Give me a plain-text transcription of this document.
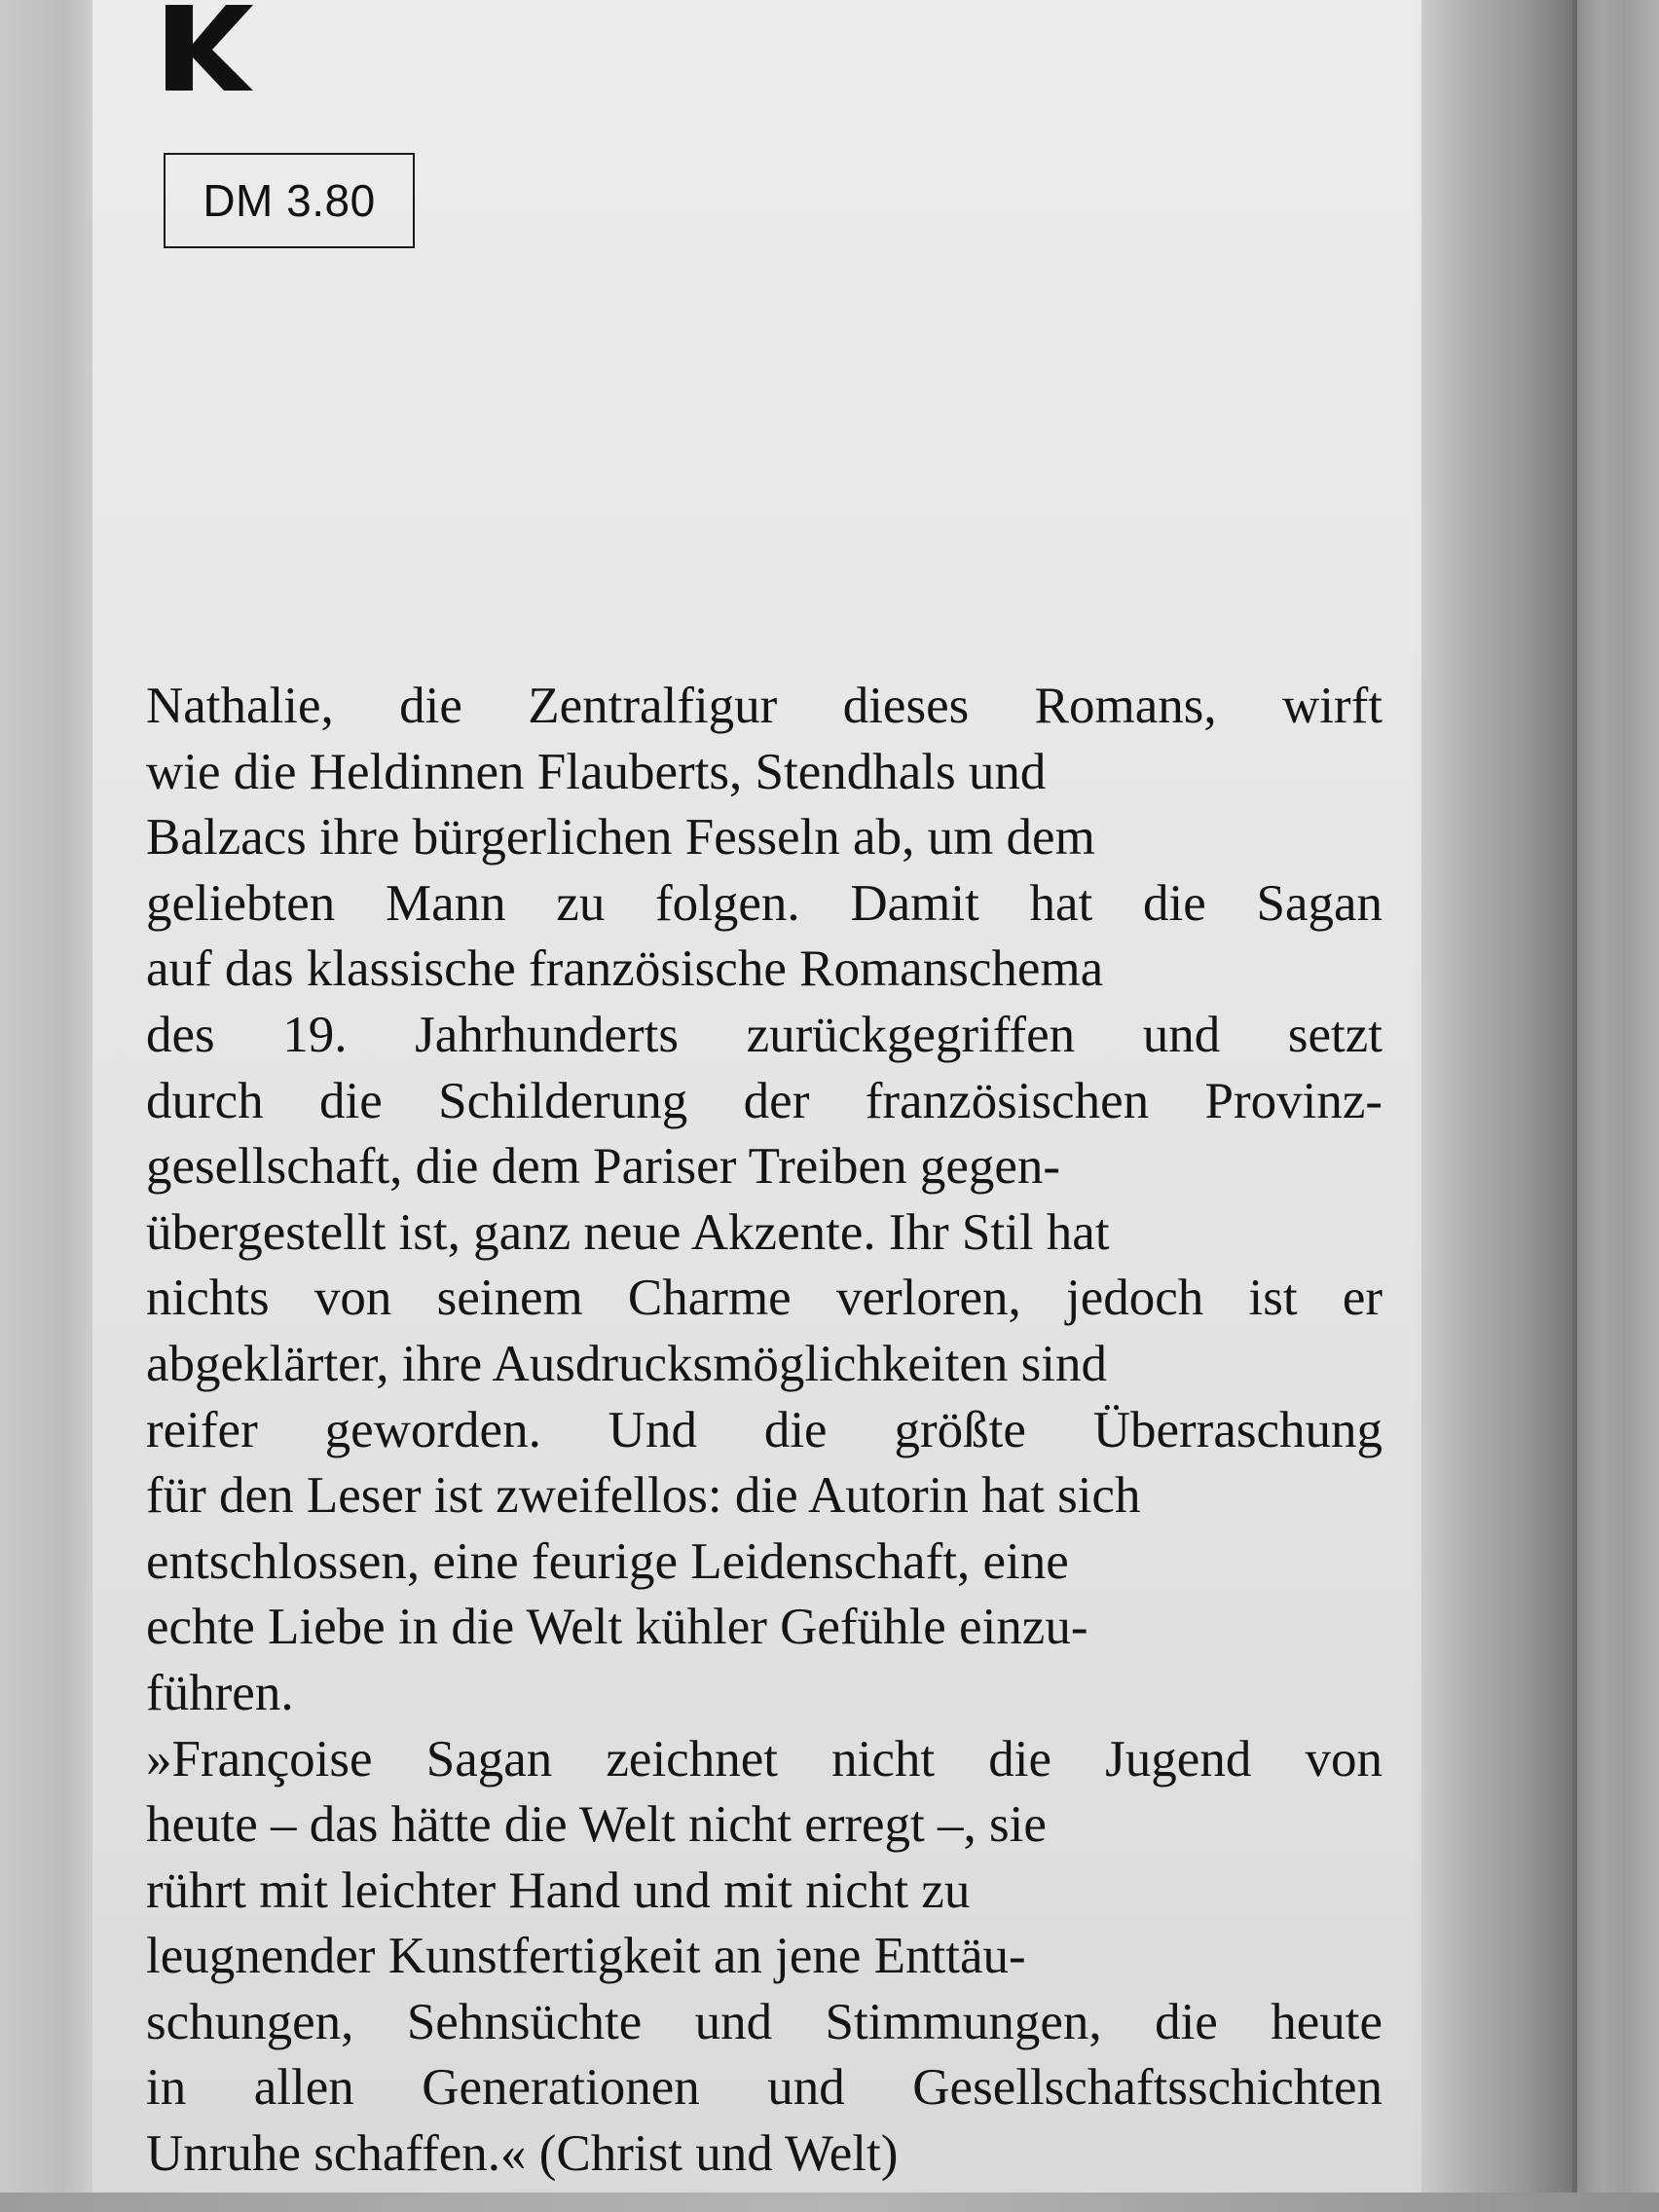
DM 3.80
Nathalie, die Zentralfigur dieses Romans, wirft
wie die Heldinnen Flauberts, Stendhals und
Balzacs ihre bürgerlichen Fesseln ab, um dem
geliebten Mann zu folgen. Damit hat die Sagan
auf das klassische französische Romanschema
des 19. Jahrhunderts zurückgegriffen und setzt
durch die Schilderung der französischen Provinz-
gesellschaft, die dem Pariser Treiben gegen-
übergestellt ist, ganz neue Akzente. Ihr Stil hat
nichts von seinem Charme verloren, jedoch ist er
abgeklärter, ihre Ausdrucksmöglichkeiten sind
reifer geworden. Und die größte Überraschung
für den Leser ist zweifellos: die Autorin hat sich
entschlossen, eine feurige Leidenschaft, eine
echte Liebe in die Welt kühler Gefühle einzu-
führen.
»Françoise Sagan zeichnet nicht die Jugend von
heute – das hätte die Welt nicht erregt –, sie
rührt mit leichter Hand und mit nicht zu
leugnender Kunstfertigkeit an jene Enttäu-
schungen, Sehnsüchte und Stimmungen, die heute
in allen Generationen und Gesellschaftsschichten
Unruhe schaffen.« (Christ und Welt)
